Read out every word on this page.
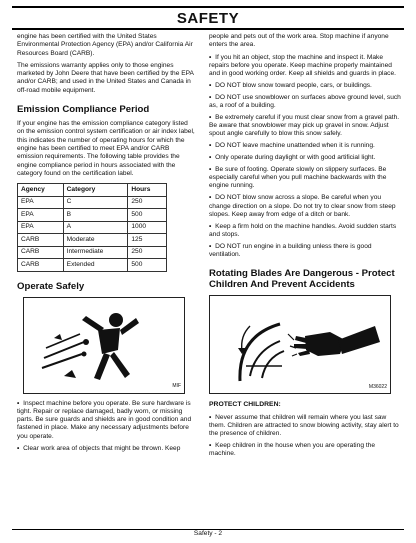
SAFETY

engine has been certified with the United States Environmental Protection Agency (EPA) and/or California Air Resources Board (CARB).

The emissions warranty applies only to those engines marketed by John Deere that have been certified by the EPA and/or CARB; and used in the United States and Canada in off-road mobile equipment.

Emission Compliance Period

If your engine has the emission compliance category listed on the emission control system certification or air index label, this indicates the number of operating hours for which the engine has been certified to meet EPA and/or CARB emission requirements. The following table provides the engine compliance period in hours associated with the category found on the certification label.

Agency	Category	Hours
EPA	C	250
EPA	B	500
EPA	A	1000
CARB	Moderate	125
CARB	Intermediate	250
CARB	Extended	500
Operate Safely
MIF

• Inspect machine before you operate. Be sure hardware is tight. Repair or replace damaged, badly worn, or missing parts. Be sure guards and shields are in good condition and fastened in place. Make any necessary adjustments before you operate.

• Clear work area of objects that might be thrown. Keep

people and pets out of the work area. Stop machine if anyone enters the area.

• If you hit an object, stop the machine and inspect it. Make repairs before you operate. Keep machine properly maintained and in good working order. Keep all shields and guards in place.

• DO NOT blow snow toward people, cars, or buildings.

• DO NOT use snowblower on surfaces above ground level, such as, a roof of a building.

• Be extremely careful if you must clear snow from a gravel path. Be aware that snowblower may pick up gravel in snow. Adjust spout angle carefully to blow this snow safely.

• DO NOT leave machine unattended when it is running.

• Only operate during daylight or with good artificial light.

• Be sure of footing. Operate slowly on slippery surfaces. Be especially careful when you pull machine backwards with the engine running.

• DO NOT blow snow across a slope. Be careful when you change direction on a slope. Do not try to clear snow from steep slopes. Keep away from edge of a ditch or bank.

• Keep a firm hold on the machine handles. Avoid sudden starts and stops.

• DO NOT run engine in a building unless there is good ventilation.

Rotating Blades Are Dangerous - Protect Children And Prevent Accidents
M36022

PROTECT CHILDREN:

• Never assume that children will remain where you last saw them. Children are attracted to snow blowing activity, stay alert to the presence of children.

• Keep children in the house when you are operating the machine.

Safety - 2
